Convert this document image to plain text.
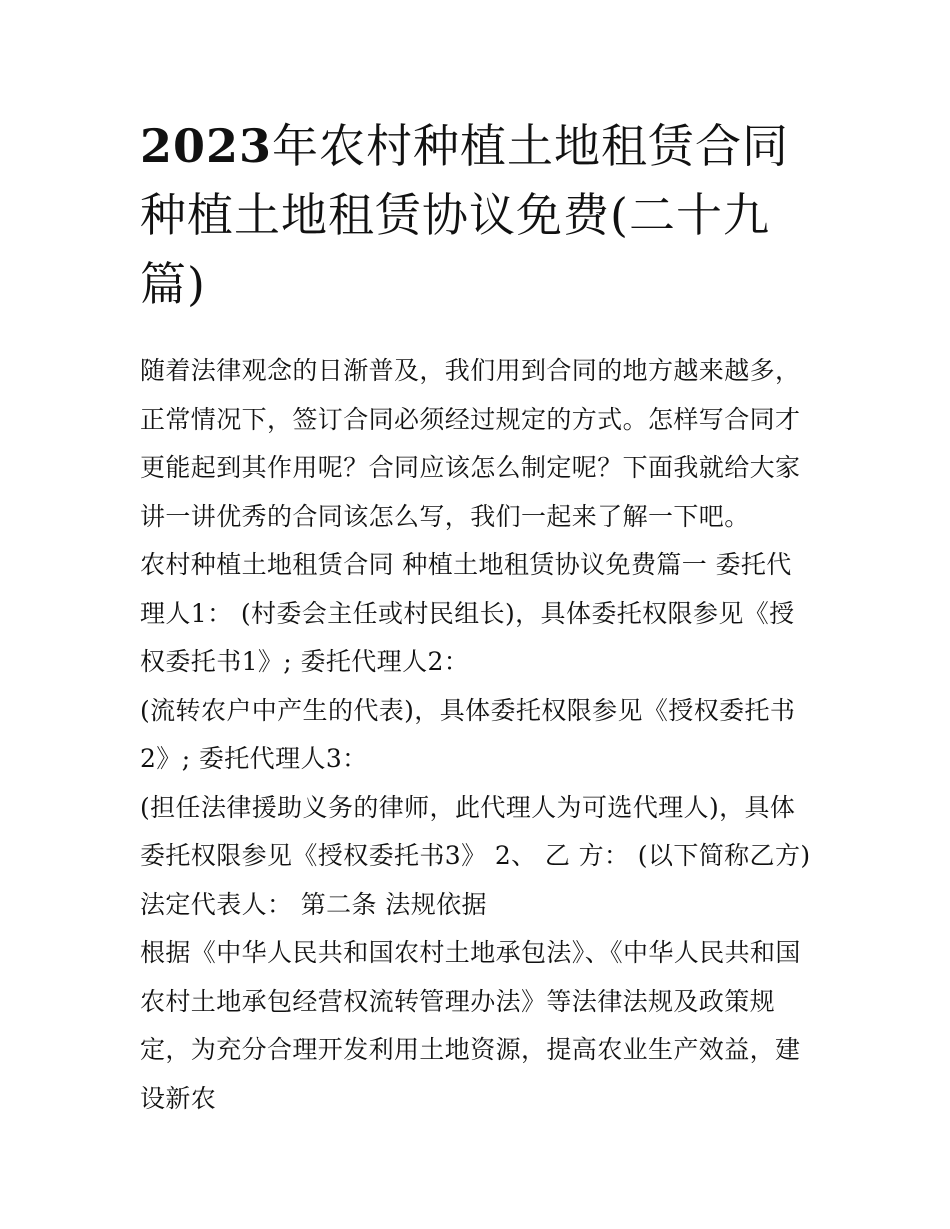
2023年农村种植土地租赁合同种植土地租赁协议免费(二十九篇)

随着法律观念的日渐普及，我们用到合同的地方越来越多，正常情况下，签订合同必须经过规定的方式。怎样写合同才更能起到其作用呢？合同应该怎么制定呢？下面我就给大家讲一讲优秀的合同该怎么写，我们一起来了解一下吧。

农村种植土地租赁合同 种植土地租赁协议免费篇一 委托代理人1： (村委会主任或村民组长)，具体委托权限参见《授权委托书1》; 委托代理人2：

(流转农户中产生的代表)，具体委托权限参见《授权委托书2》; 委托代理人3：

(担任法律援助义务的律师，此代理人为可选代理人)，具体委托权限参见《授权委托书3》 2、 乙 方： (以下简称乙方) 法定代表人： 第二条 法规依据

根据《中华人民共和国农村土地承包法》、《中华人民共和国农村土地承包经营权流转管理办法》等法律法规及政策规定，为充分合理开发利用土地资源，提高农业生产效益，建设新农
